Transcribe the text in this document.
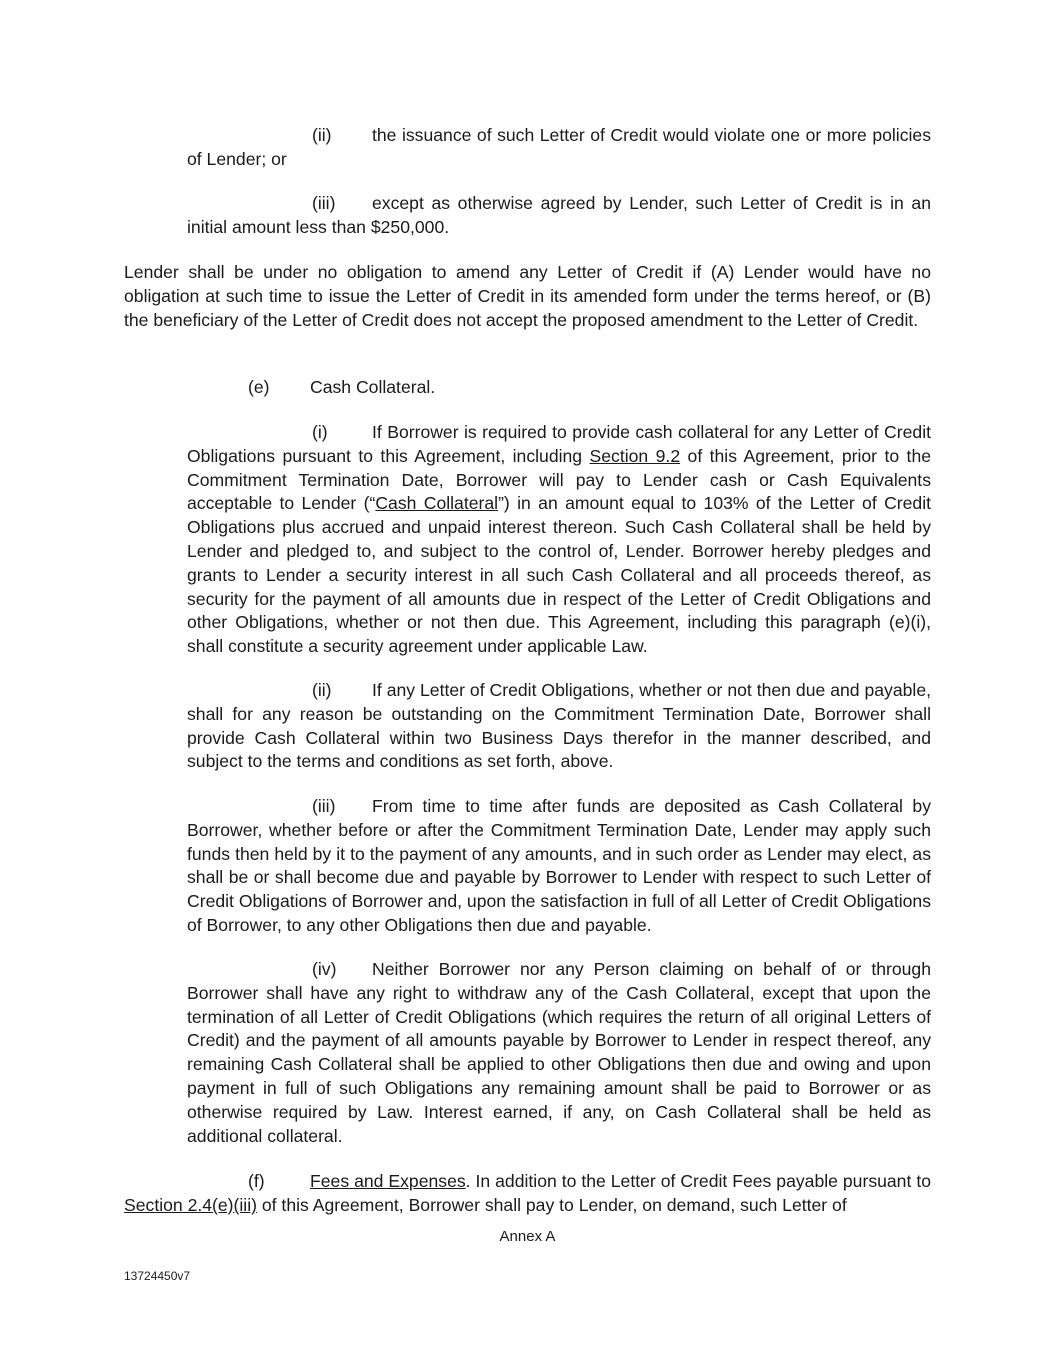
(ii) the issuance of such Letter of Credit would violate one or more policies of Lender; or

(iii) except as otherwise agreed by Lender, such Letter of Credit is in an initial amount less than $250,000.

Lender shall be under no obligation to amend any Letter of Credit if (A) Lender would have no obligation at such time to issue the Letter of Credit in its amended form under the terms hereof, or (B) the beneficiary of the Letter of Credit does not accept the proposed amendment to the Letter of Credit.

(e) Cash Collateral.

(i)	If Borrower is required to provide cash collateral for any Letter of Credit Obligations pursuant to this Agreement, including Section 9.2 of this Agreement, prior to the Commitment Termination Date, Borrower will pay to Lender cash or Cash Equivalents acceptable to Lender (“Cash Collateral”) in an amount equal to 103% of the Letter of Credit Obligations plus accrued and unpaid interest thereon. Such Cash Collateral shall be held by Lender and pledged to, and subject to the control of, Lender. Borrower hereby pledges and grants to Lender a security interest in all such Cash Collateral and all proceeds thereof, as security for the payment of all amounts due in respect of the Letter of Credit Obligations and other Obligations, whether or not then due. This Agreement, including this paragraph (e)(i), shall constitute a security agreement under applicable Law.

(ii) If any Letter of Credit Obligations, whether or not then due and payable, shall for any reason be outstanding on the Commitment Termination Date, Borrower shall provide Cash Collateral within two Business Days therefor in the manner described, and subject to the terms and conditions as set forth, above.

(iii) From time to time after funds are deposited as Cash Collateral by Borrower, whether before or after the Commitment Termination Date, Lender may apply such funds then held by it to the payment of any amounts, and in such order as Lender may elect, as shall be or shall become due and payable by Borrower to Lender with respect to such Letter of Credit Obligations of Borrower and, upon the satisfaction in full of all Letter of Credit Obligations of Borrower, to any other Obligations then due and payable.

(iv) Neither Borrower nor any Person claiming on behalf of or through Borrower shall have any right to withdraw any of the Cash Collateral, except that upon the termination of all Letter of Credit Obligations (which requires the return of all original Letters of Credit) and the payment of all amounts payable by Borrower to Lender in respect thereof, any remaining Cash Collateral shall be applied to other Obligations then due and owing and upon payment in full of such Obligations any remaining amount shall be paid to Borrower or as otherwise required by Law. Interest earned, if any, on Cash Collateral shall be held as additional collateral.

(f)	Fees and Expenses. In addition to the Letter of Credit Fees payable pursuant to Section 2.4(e)(iii) of this Agreement, Borrower shall pay to Lender, on demand, such Letter of

Annex A
13724450v7
